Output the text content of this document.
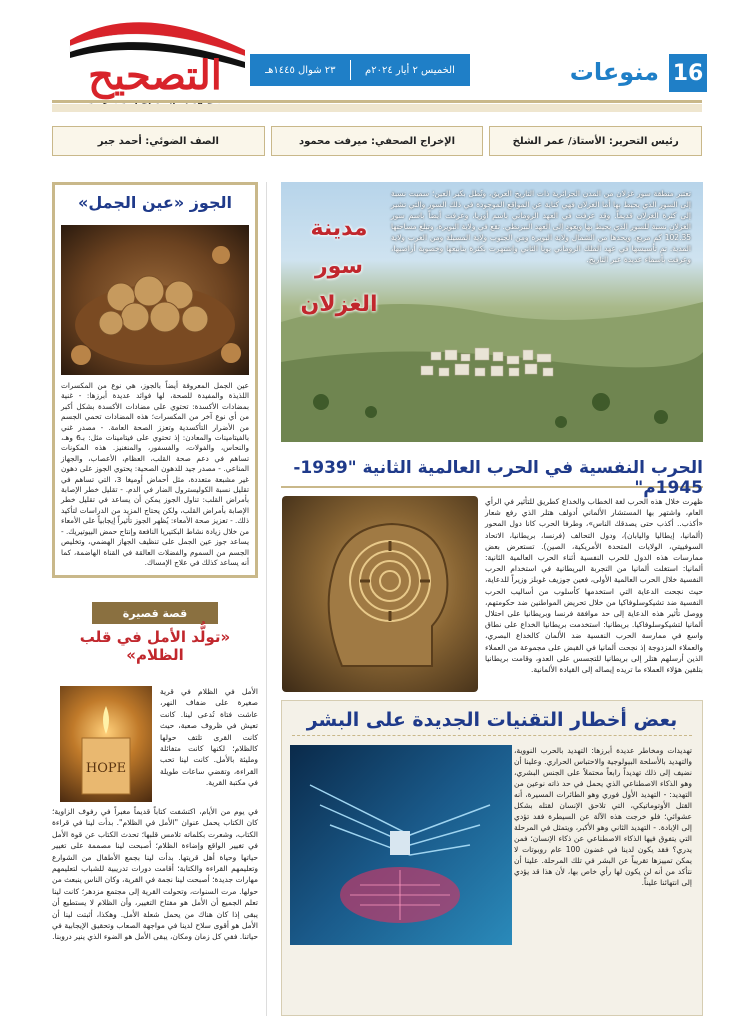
16
منوعات
الخميس ٢ أيار ٢٠٢٤م
٢٣ شوال ١٤٤٥هـ
التصحيح
رئيس التحرير: الأستاذ/ عمر الشلخ
الإخراج الصحفي: ميرفت محمود
الصف الضوئي: أحمد جبر
تعتبر منطقة سور غزلان من المدن الجزائرية ذات التاريخ العريق، وتُطل بكبر العين؛ سميت نسبة إلى السور الذي يحيط بها أما الغزلان فهي كناية عن المواقع الموجودة في ذلك السور والتي تشير إلى كثرة الغزلان قديماً. وقد عرفت في العهد الروماني باسم أوزيا، وعرفت أيضاً باسم سور الغزلان نسبة للسور الذي يحيط بها ويعود إلى العهد البيزنطي. تقع في ولاية البويرة، وتبلغ مساحتها 102.35 كم مربع، ويحدها من الشمال ولاية البويرة ومن الجنوب ولاية المسيلة ومن الغرب ولاية المدية. تم تأسيسها في عهد الملك الروماني يوبا الثاني واشتهرت بكثرة ينابيعها وخصوبة أراضيها، وعرفت بأسماء عديدة عبر التاريخ.
مدينة سور الغزلان
الحرب النفسية في الحرب العالمية الثانية "1939-1945م"
ظهرت خلال هذه الحرب لغة الخطاب والخداع كطريق للتأثير في الرأي العام، واشتهر بها المستشار الألماني أدولف هتلر الذي رفع شعار «أكذب.. أكذب حتى يصدقك الناس»، وطرفا الحرب كانا دول المحور (ألمانيا، إيطاليا واليابان)، ودول التحالف (فرنسا، بريطانيا، الاتحاد السوفييتي، الولايات المتحدة الأمريكية، الصين). تستعرض بعض ممارسات هذه الدول للحرب النفسية أثناء الحرب العالمية الثانية: ألمانيا: استغلت ألمانيا من التجربة البريطانية في استخدام الحرب النفسية خلال الحرب العالمية الأولى، فعين جوزيف غوبلز وزيراً للدعاية، حيث نجحت الدعاية التي استخدمها كأسلوب من أساليب الحرب النفسية ضد تشيكوسلوفاكيا من خلال تحريض المواطنين ضد حكومتهم، ووصل تأثير هذه الدعاية إلى حد موافقة فرنسا وبريطانيا على احتلال ألمانيا لتشيكوسلوفاكيا. بريطانيا: استخدمت بريطانيا الخداع على نطاق واسع في ممارسة الحرب النفسية ضد الألمان كالخداع البصري، والعملاء المزدوجة إذ نجحت ألمانيا في القبض على مجموعة من العملاء الذين أرسلهم هتلر إلى بريطانيا للتجسس على العدو، وقامت بريطانيا بتلقين هؤلاء العملاء ما تريده إيصاله إلى القيادة الألمانية.
بعض أخطار التقنيات الجديدة على البشر
تهديدات ومخاطر عديدة أبرزها: التهديد بالحرب النووية، والتهديد بالأسلحة البيولوجية والاحتباس الحراري. وعلينا أن نضيف إلى ذلك تهديداً رابعاً محتملاً على الجنس البشري، وهو الذكاء الاصطناعي الذي يحمل في حد ذاته نوعين من التهديد: - التهديد الأول فوري وهو الطائرات المسيرة، أنه القتل الأوتوماتيكي، التي تلاحق الإنسان لقتله بشكل عشوائي؛ فلو خرجت هذه الآلة عن السيطرة فقد تؤدي إلى الإبادة. - التهديد الثاني وهو الأكبر، ويتمثل في المرحلة التي يتفوق فيها الذكاء الاصطناعي عن ذكاء الإنسان؛ فمن يدري؟ فقد يكون لدينا في غضون 100 عام روبوتات لا يمكن تمييزها تقريباً عن البشر في تلك المرحلة. علينا أن نتأكد من أنه لن يكون لها رأي خاص بها، لأن هذا قد يؤدي إلى انتهائنا عليناً.
الجوز «عين الجمل»
عين الجمل المعروفة أيضاً بالجوز، هي نوع من المكسرات اللذيذة والمفيدة للصحة، لها فوائد عديدة أبرزها: - غنية بمضادات الأكسدة: تحتوي على مضادات الأكسدة بشكل أكبر من أي نوع آخر من المكسرات؛ هذه المضادات تحمي الجسم من الأضرار التأكسدية وتعزز الصحة العامة. - مصدر غني بالفيتامينات والمعادن: إذ تحتوي على فيتامينات مثل: بـ6 وهـ، والنحاس، والفولات، والفسفور، والمنغنيز. هذه المكونات تساهم في دعم صحة القلب، العظام، الأعصاب، والجهاز المناعي. - مصدر جيد للدهون الصحية: يحتوي الجوز على دهون غير مشبعة متعددة، مثل أحماض أوميغا 3، التي تساهم في تقليل نسبة الكوليسترول الضار في الدم. - تقليل خطر الإصابة بأمراض القلب: تناول الجوز يمكن أن يساعد في تقليل خطر الإصابة بأمراض القلب، ولكن يحتاج المزيد من الدراسات لتأكيد ذلك. - تعزيز صحة الأمعاء: يُظهر الجوز تأثيراً إيجابياً على الأمعاء من خلال زيادة نشاط البكتيريا النافعة وإنتاج حمض البيوتيريك. - يساعد جوز عين الجمل على تنظيف الجهاز الهضمي، وتخليص الجسم من السموم والفضلات العالقة في القناة الهاضمة، كما أنه يساعد كذلك في علاج الإمساك.
قصة قصيرة
«تولُّد الأمل في قلب الظلام»
HOPE
الأمل في الظلام في قرية صغيرة على ضفاف النهر، عاشت فتاة تُدعى لينا. كانت تعيش في ظروف صعبة، حيث كانت القرى تلتف حولها كالظلام؛ لكنها كانت متفائلة ومليئة بالأمل. كانت لينا تحب القراءة، وتقضي ساعات طويلة في مكتبة القرية.
في يوم من الأيام، اكتشفت كتاباً قديماً مغبراً في رفوف الزاوية؛ كان الكتاب يحمل عنوان "الأمل في الظلام". بدأت لينا في قراءة الكتاب، وشعرت بكلماته تلامس قلبها؛ تحدث الكتاب عن قوة الأمل في تغيير الواقع وإضاءة الظلام؛ أصبحت لينا مصممة على تغيير حياتها وحياة أهل قريتها. بدأت لينا بجمع الأطفال من الشوارع وتعليمهم القراءة والكتابة؛ أقامت دورات تدريبية للشباب لتعليمهم مهارات جديدة؛ أصبحت لينا نجمة في القرية، وكان الناس ينبعث من حولها. مرت السنوات، وتحولت القرية إلى مجتمع مزدهر؛ كانت لينا تعلم الجميع أن الأمل هو مفتاح التغيير، وأن الظلام لا يستطيع أن يبقى إذا كان هناك من يحمل شعلة الأمل. وهكذا، أثبتت لينا أن الأمل هو أقوى سلاح لدينا في مواجهة الصعاب وتحقيق الإيجابية في حياتنا. ففي كل زمان ومكان، يبقى الأمل هو الضوء الذي ينير دروبنا.
